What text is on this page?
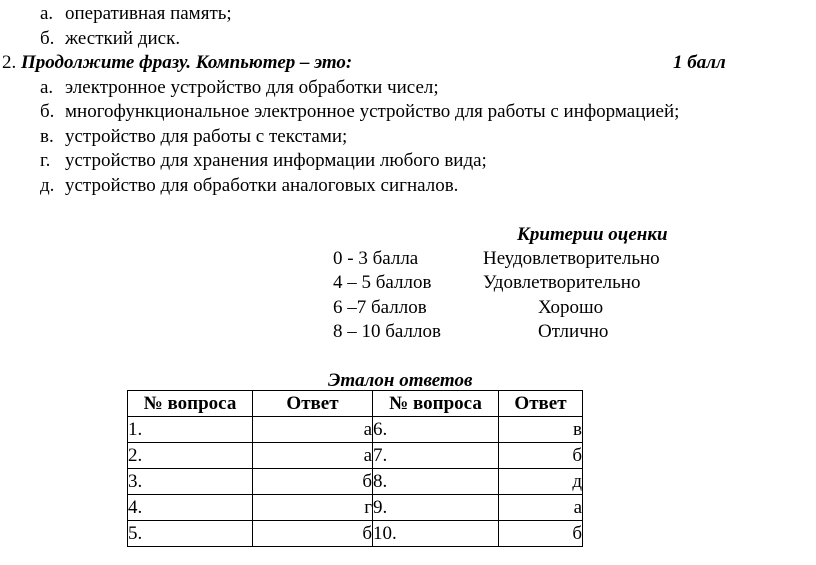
а. оперативная память;
б. жесткий диск.
2. Продолжите фразу. Компьютер – это:	1 балл
а. электронное устройство для обработки чисел;
б. многофункциональное электронное устройство для работы с информацией;
в. устройство для работы с текстами;
г. устройство для хранения информации любого вида;
д. устройство для обработки аналоговых сигналов.
Критерии оценки
0 - 3 балла	Неудовлетворительно
4 – 5 баллов	Удовлетворительно
6 –7 баллов	Хорошо
8 – 10 баллов	Отлично
Эталон ответов
№ вопроса	Ответ	№ вопроса	Ответ
1.	а	6.	в
2.	а	7.	б
3.	б	8.	д
4.	г	9.	а
5.	б	10.	б
